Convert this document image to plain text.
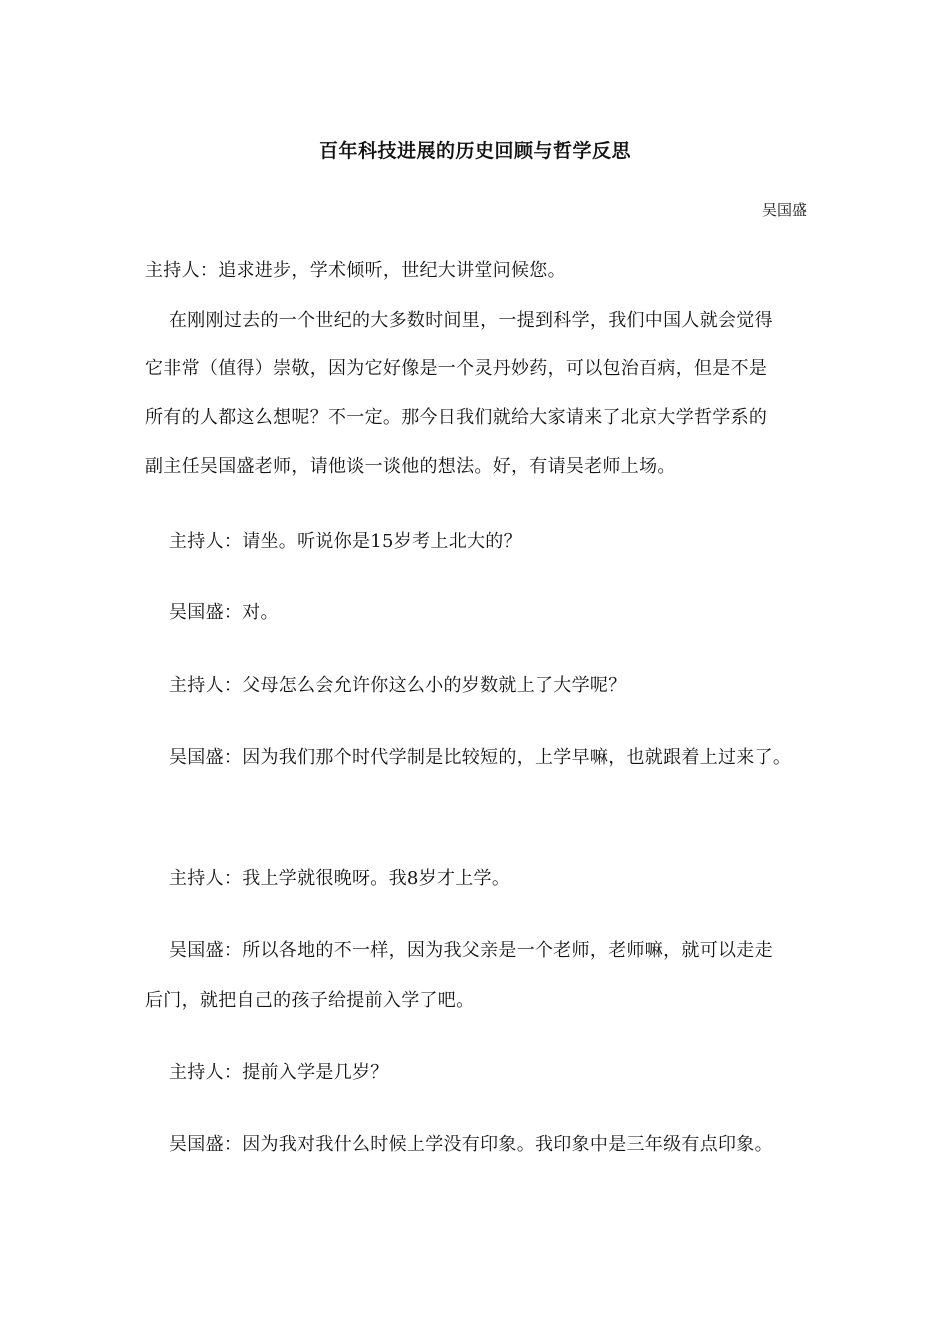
百年科技进展的历史回顾与哲学反思
吴国盛
主持人：追求进步，学术倾听，世纪大讲堂问候您。
在刚刚过去的一个世纪的大多数时间里，一提到科学，我们中国人就会觉得
它非常（值得）崇敬，因为它好像是一个灵丹妙药，可以包治百病，但是不是
所有的人都这么想呢？不一定。那今日我们就给大家请来了北京大学哲学系的
副主任吴国盛老师，请他谈一谈他的想法。好，有请吴老师上场。
主持人：请坐。听说你是15岁考上北大的？
吴国盛：对。
主持人：父母怎么会允许你这么小的岁数就上了大学呢？
吴国盛：因为我们那个时代学制是比较短的，上学早嘛，也就跟着上过来了。
主持人：我上学就很晚呀。我8岁才上学。
吴国盛：所以各地的不一样，因为我父亲是一个老师，老师嘛，就可以走走
后门，就把自己的孩子给提前入学了吧。
主持人：提前入学是几岁？
吴国盛：因为我对我什么时候上学没有印象。我印象中是三年级有点印象。
